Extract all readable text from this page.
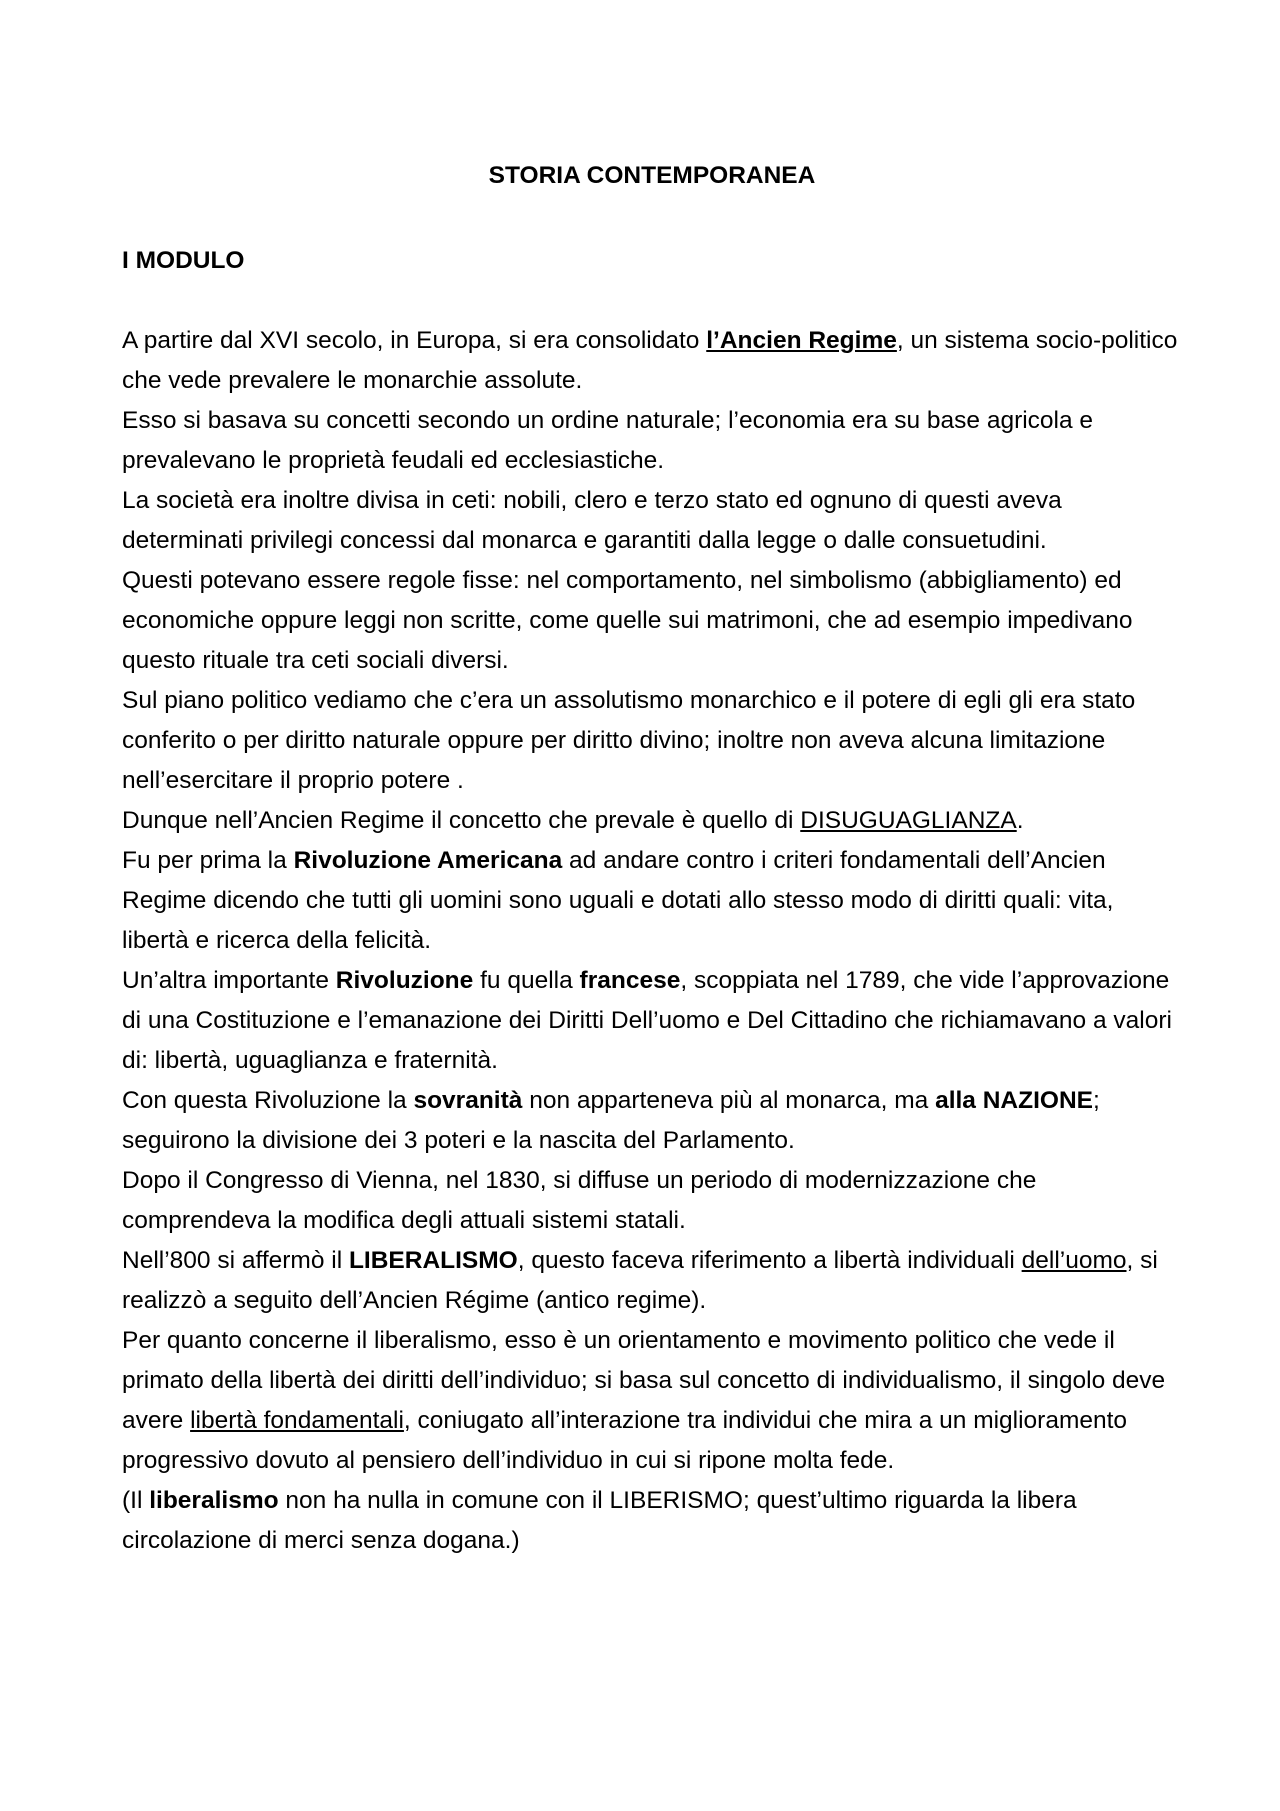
STORIA CONTEMPORANEA

I MODULO

A partire dal XVI secolo, in Europa, si era consolidato l’Ancien Regime, un sistema socio-politico che vede prevalere le monarchie assolute.

Esso si basava su concetti secondo un ordine naturale; l’economia era su base agricola e prevalevano le proprietà feudali ed ecclesiastiche.

La società era inoltre divisa in ceti: nobili, clero e terzo stato ed ognuno di questi aveva determinati privilegi concessi dal monarca e garantiti dalla legge o dalle consuetudini.

Questi potevano essere regole fisse: nel comportamento, nel simbolismo (abbigliamento) ed economiche oppure leggi non scritte, come quelle sui matrimoni, che ad esempio impedivano questo rituale tra ceti sociali diversi.

Sul piano politico vediamo che c’era un assolutismo monarchico e il potere di egli gli era stato conferito o per diritto naturale oppure per diritto divino; inoltre non aveva alcuna limitazione nell’esercitare il proprio potere .

Dunque nell’Ancien Regime il concetto che prevale è quello di DISUGUAGLIANZA.

Fu per prima la Rivoluzione Americana ad andare contro i criteri fondamentali dell’Ancien Regime dicendo che tutti gli uomini sono uguali e dotati allo stesso modo di diritti quali: vita, libertà e ricerca della felicità.

Un’altra importante Rivoluzione fu quella francese, scoppiata nel 1789, che vide l’approvazione di una Costituzione e l’emanazione dei Diritti Dell’uomo e Del Cittadino che richiamavano a valori di: libertà, uguaglianza e fraternità.

Con questa Rivoluzione la sovranità non apparteneva più al monarca, ma alla NAZIONE; seguirono la divisione dei 3 poteri e la nascita del Parlamento.

Dopo il Congresso di Vienna, nel 1830, si diffuse un periodo di modernizzazione che comprendeva la modifica degli attuali sistemi statali.

Nell’800 si affermò il LIBERALISMO, questo faceva riferimento a libertà individuali dell’uomo, si realizzò a seguito dell’Ancien Régime (antico regime).

Per quanto concerne il liberalismo, esso è un orientamento e movimento politico che vede il primato della libertà dei diritti dell’individuo; si basa sul concetto di individualismo, il singolo deve avere libertà fondamentali, coniugato all’interazione tra individui che mira a un miglioramento progressivo dovuto al pensiero dell’individuo in cui si ripone molta fede.

(Il liberalismo non ha nulla in comune con il LIBERISMO; quest’ultimo riguarda la libera circolazione di merci senza dogana.)
